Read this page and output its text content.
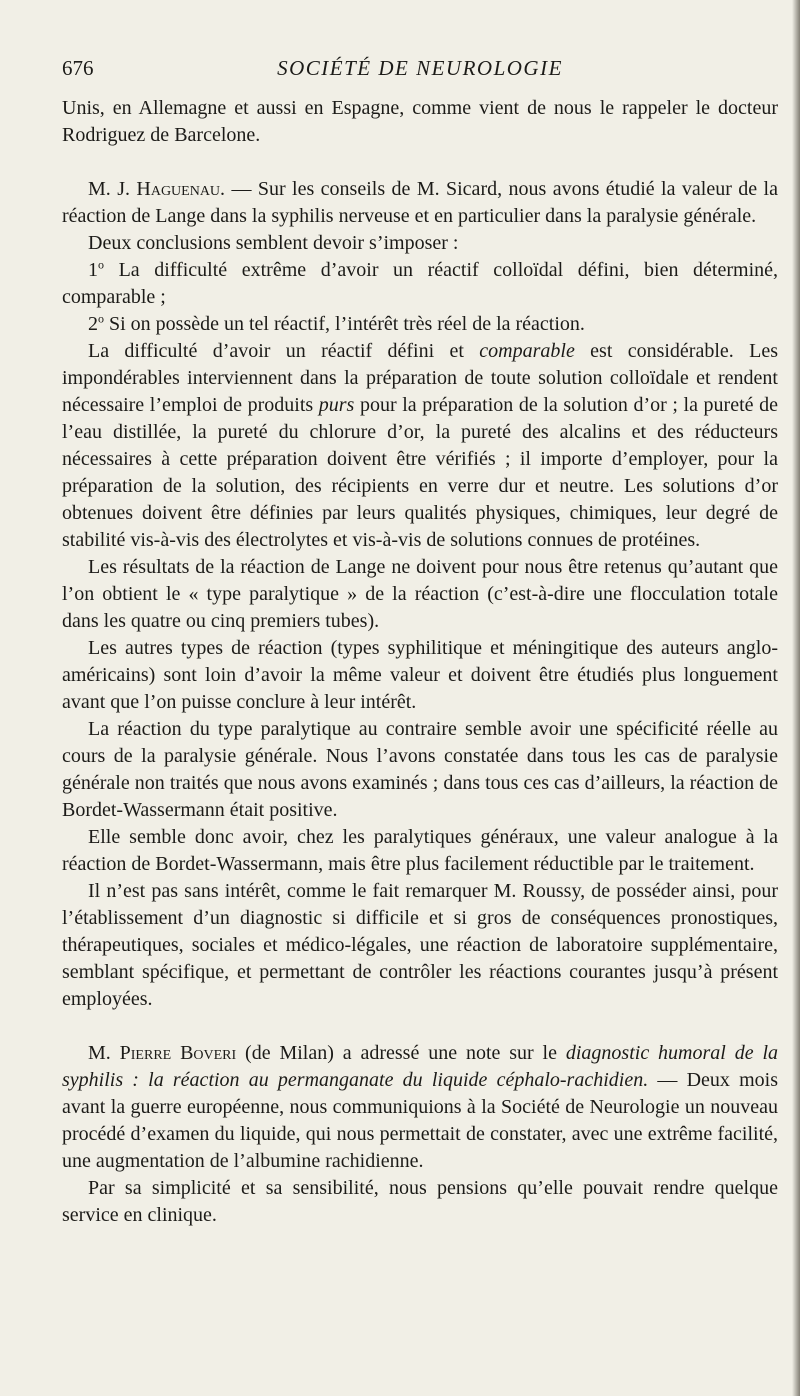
676	SOCIÉTÉ DE NEUROLOGIE

Unis, en Allemagne et aussi en Espagne, comme vient de nous le rappeler le docteur Rodriguez de Barcelone.

M. J. Haguenau. — Sur les conseils de M. Sicard, nous avons étudié la valeur de la réaction de Lange dans la syphilis nerveuse et en particulier dans la paralysie générale.

Deux conclusions semblent devoir s’imposer :

1$^o$ La difficulté extrême d’avoir un réactif colloïdal défini, bien déterminé, comparable ;

2$^o$ Si on possède un tel réactif, l’intérêt très réel de la réaction.

La difficulté d’avoir un réactif défini et comparable est considérable. Les impondérables interviennent dans la préparation de toute solution colloïdale et rendent nécessaire l’emploi de produits purs pour la préparation de la solution d’or ; la pureté de l’eau distillée, la pureté du chlorure d’or, la pureté des alcalins et des réducteurs nécessaires à cette préparation doivent être vérifiés ; il importe d’employer, pour la préparation de la solution, des récipients en verre dur et neutre. Les solutions d’or obtenues doivent être définies par leurs qualités physiques, chimiques, leur degré de stabilité vis-à-vis des électrolytes et vis-à-vis de solutions connues de protéines.

Les résultats de la réaction de Lange ne doivent pour nous être retenus qu’autant que l’on obtient le « type paralytique » de la réaction (c’est-à-dire une flocculation totale dans les quatre ou cinq premiers tubes).

Les autres types de réaction (types syphilitique et méningitique des auteurs anglo-américains) sont loin d’avoir la même valeur et doivent être étudiés plus longuement avant que l’on puisse conclure à leur intérêt.

La réaction du type paralytique au contraire semble avoir une spécificité réelle au cours de la paralysie générale. Nous l’avons constatée dans tous les cas de paralysie générale non traités que nous avons examinés ; dans tous ces cas d’ailleurs, la réaction de Bordet-Wassermann était positive.

Elle semble donc avoir, chez les paralytiques généraux, une valeur analogue à la réaction de Bordet-Wassermann, mais être plus facilement réductible par le traitement.

Il n’est pas sans intérêt, comme le fait remarquer M. Roussy, de posséder ainsi, pour l’établissement d’un diagnostic si difficile et si gros de conséquences pronostiques, thérapeutiques, sociales et médico-légales, une réaction de laboratoire supplémentaire, semblant spécifique, et permettant de contrôler les réactions courantes jusqu’à présent employées.

M. Pierre Boveri (de Milan) a adressé une note sur le diagnostic humoral de la syphilis : la réaction au permanganate du liquide céphalo-rachidien. — Deux mois avant la guerre européenne, nous communiquions à la Société de Neurologie un nouveau procédé d’examen du liquide, qui nous permettait de constater, avec une extrême facilité, une augmentation de l’albumine rachidienne.

Par sa simplicité et sa sensibilité, nous pensions qu’elle pouvait rendre quelque service en clinique.
